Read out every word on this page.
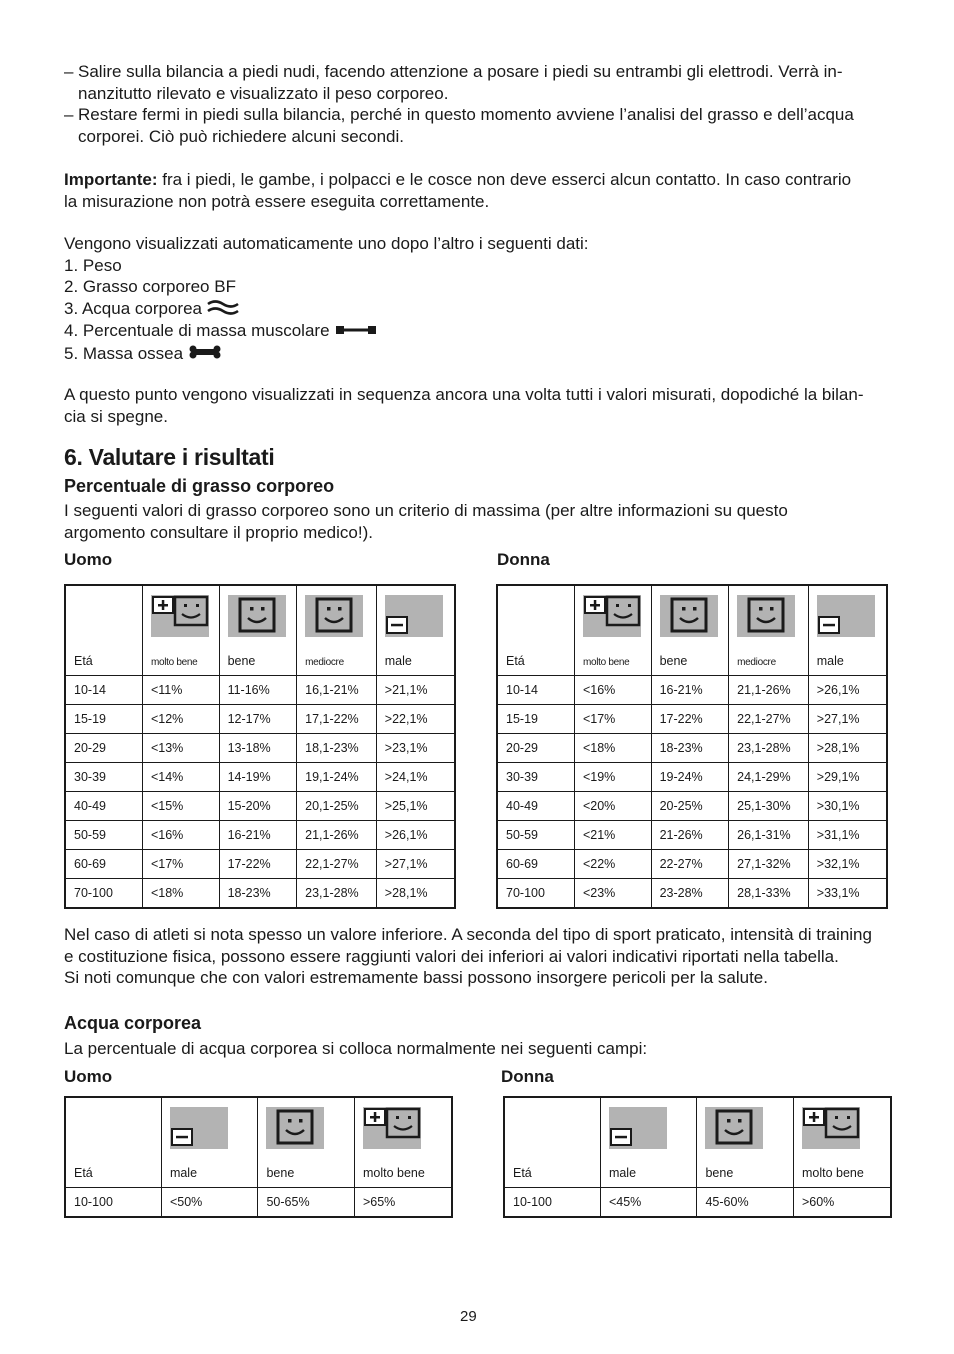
– Salire sulla bilancia a piedi nudi, facendo attenzione a posare i piedi su entrambi gli elettrodi. Verrà in-
nanzitutto rilevato e visualizzato il peso corporeo.
– Restare fermi in piedi sulla bilancia, perché in questo momento avviene l’analisi del grasso e dell’acqua
corporei. Ciò può richiedere alcuni secondi.
Importante: fra i piedi, le gambe, i polpacci e le cosce non deve esserci alcun contatto. In caso contrario
la misurazione non potrà essere eseguita correttamente.
Vengono visualizzati automaticamente uno dopo l’altro i seguenti dati:
1. Peso
2. Grasso corporeo BF
3. Acqua corporea
4. Percentuale di massa muscolare
5. Massa ossea
A questo punto vengono visualizzati in sequenza ancora una volta tutti i valori misurati, dopodiché la bilan-
cia si spegne.
6. Valutare i risultati
Percentuale di grasso corporeo
I seguenti valori di grasso corporeo sono un criterio di massima (per altre informazioni su questo
argomento consultare il proprio medico!).
Uomo	Donna
Etá	molto bene	bene	mediocre	male
10-14	<11%	11-16%	16,1-21%	>21,1%
15-19	<12%	12-17%	17,1-22%	>22,1%
20-29	<13%	13-18%	18,1-23%	>23,1%
30-39	<14%	14-19%	19,1-24%	>24,1%
40-49	<15%	15-20%	20,1-25%	>25,1%
50-59	<16%	16-21%	21,1-26%	>26,1%
60-69	<17%	17-22%	22,1-27%	>27,1%
70-100	<18%	18-23%	23,1-28%	>28,1%
Etá	molto bene	bene	mediocre	male
10-14	<16%	16-21%	21,1-26%	>26,1%
15-19	<17%	17-22%	22,1-27%	>27,1%
20-29	<18%	18-23%	23,1-28%	>28,1%
30-39	<19%	19-24%	24,1-29%	>29,1%
40-49	<20%	20-25%	25,1-30%	>30,1%
50-59	<21%	21-26%	26,1-31%	>31,1%
60-69	<22%	22-27%	27,1-32%	>32,1%
70-100	<23%	23-28%	28,1-33%	>33,1%
Nel caso di atleti si nota spesso un valore inferiore. A seconda del tipo di sport praticato, intensità di training
e costituzione fisica, possono essere raggiunti valori dei inferiori ai valori indicativi riportati nella tabella.
Si noti comunque che con valori estremamente bassi possono insorgere pericoli per la salute.
Acqua corporea
La percentuale di acqua corporea si colloca normalmente nei seguenti campi:
Uomo	Donna
Etá	male	bene	molto bene
10-100	<50%	50-65%	>65%
Etá	male	bene	molto bene
10-100	<45%	45-60%	>60%
29
